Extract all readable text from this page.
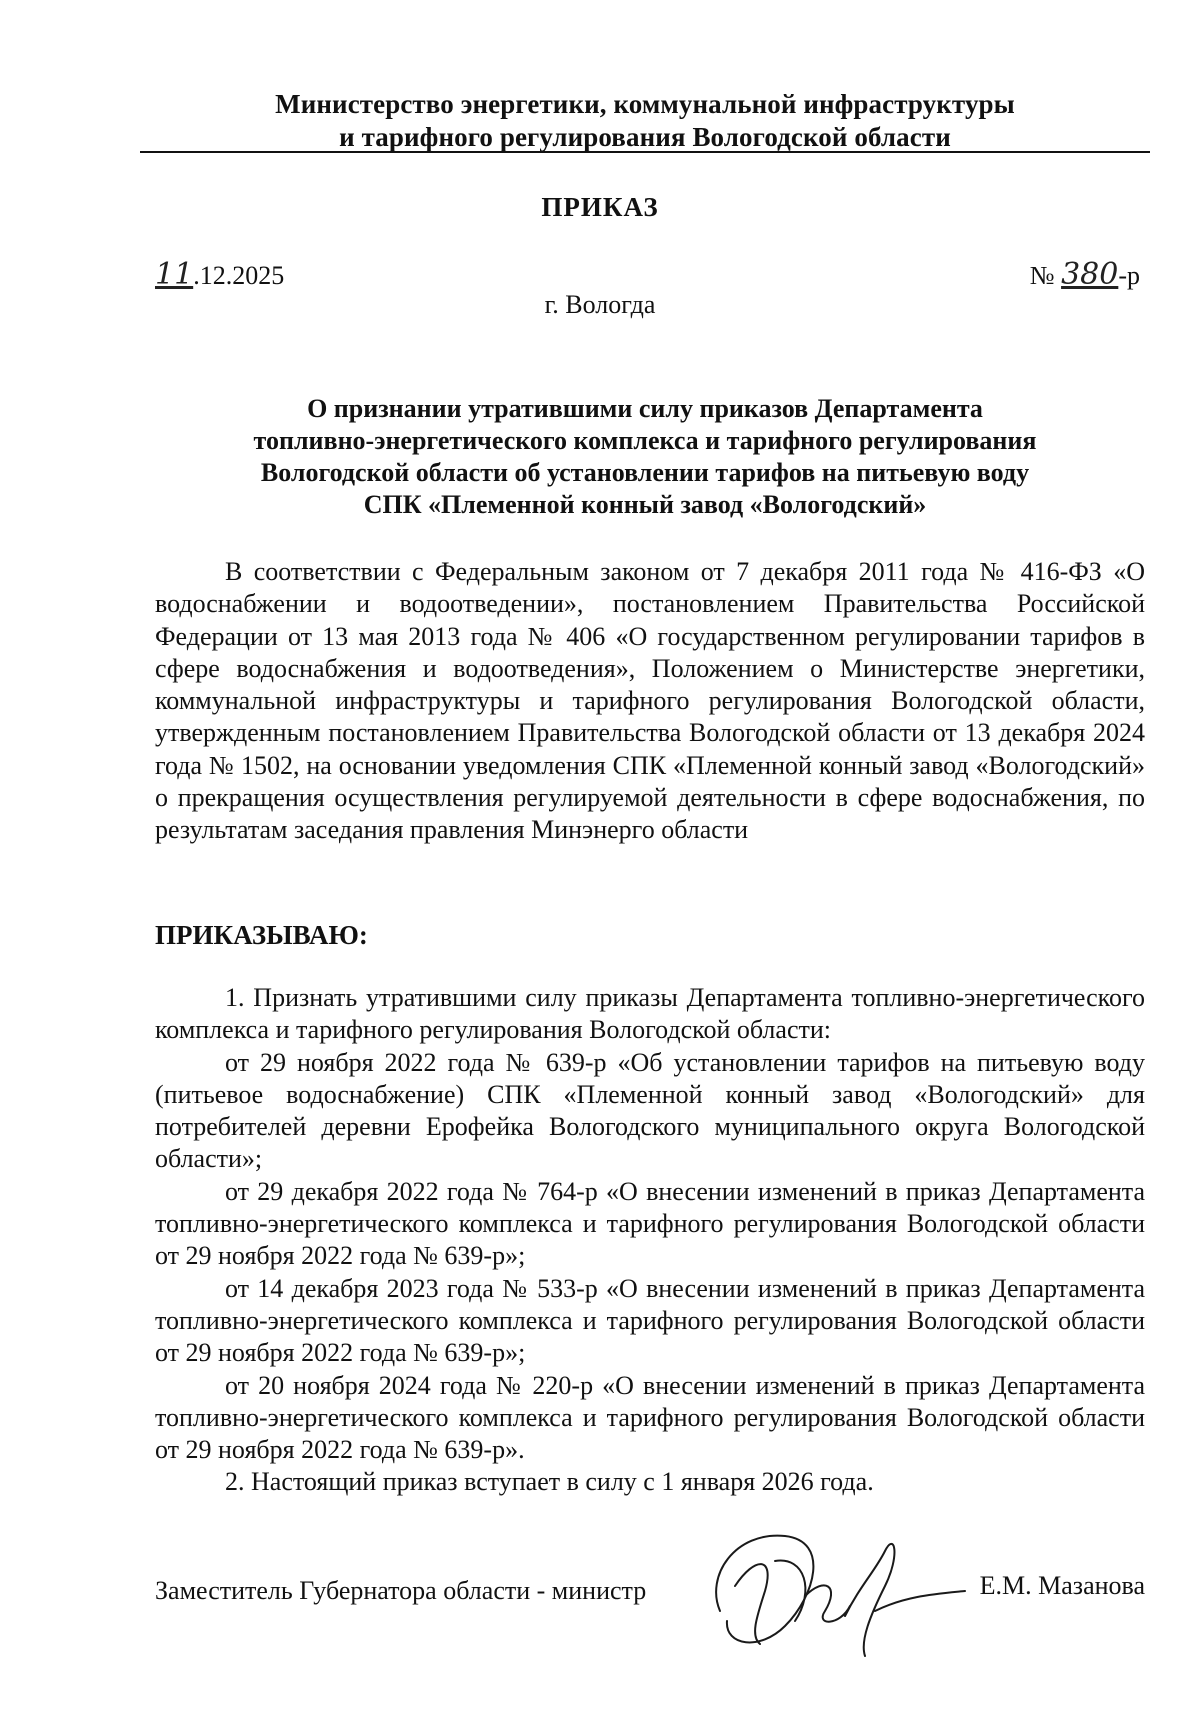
Министерство энергетики, коммунальной инфраструктуры
и тарифного регулирования Вологодской области
ПРИКАЗ
11.12.2025	№ 380-р
г. Вологда
О признании утратившими силу приказов Департамента
топливно-энергетического комплекса и тарифного регулирования
Вологодской области об установлении тарифов на питьевую воду
СПК «Племенной конный завод «Вологодский»

В соответствии с Федеральным законом от 7 декабря 2011 года № 416-ФЗ «О водоснабжении и водоотведении», постановлением Правительства Российской Федерации от 13 мая 2013 года № 406 «О государственном регулировании тарифов в сфере водоснабжения и водоотведения», Положением о Министерстве энергетики, коммунальной инфраструктуры и тарифного регулирования Вологодской области, утвержденным постановлением Правительства Вологодской области от 13 декабря 2024 года № 1502, на основании уведомления СПК «Племенной конный завод «Вологодский» о прекращения осуществления регулируемой деятельности в сфере водоснабжения, по результатам заседания правления Минэнерго области

ПРИКАЗЫВАЮ:

1. Признать утратившими силу приказы Департамента топливно-энергетического комплекса и тарифного регулирования Вологодской области:

от 29 ноября 2022 года № 639-р «Об установлении тарифов на питьевую воду (питьевое водоснабжение) СПК «Племенной конный завод «Вологодский» для потребителей деревни Ерофейка Вологодского муниципального округа Вологодской области»;

от 29 декабря 2022 года № 764-р «О внесении изменений в приказ Департамента топливно-энергетического комплекса и тарифного регулирования Вологодской области от 29 ноября 2022 года № 639-р»;

от 14 декабря 2023 года № 533-р «О внесении изменений в приказ Департамента топливно-энергетического комплекса и тарифного регулирования Вологодской области от 29 ноября 2022 года № 639-р»;

от 20 ноября 2024 года № 220-р «О внесении изменений в приказ Департамента топливно-энергетического комплекса и тарифного регулирования Вологодской области от 29 ноября 2022 года № 639-р».

2. Настоящий приказ вступает в силу с 1 января 2026 года.

Заместитель Губернатора области - министр	Е.М. Мазанова
